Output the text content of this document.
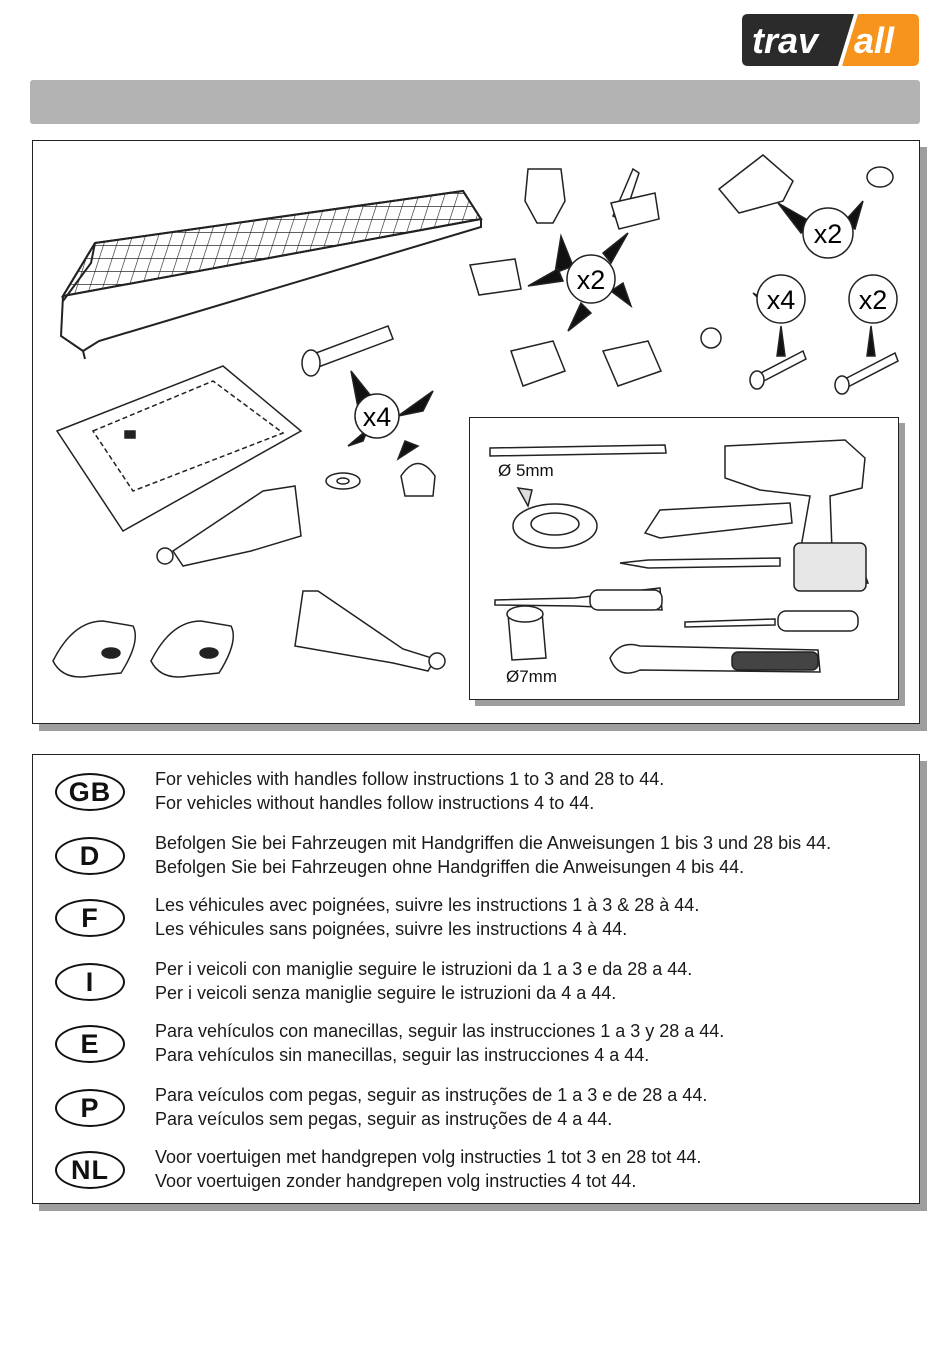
trav all
x2
x2
x4 x2
x4
Ø 5mm
Ø7mm
GB	For vehicles with handles follow instructions 1 to 3 and 28 to 44.
For vehicles without handles follow instructions 4 to 44.
D	Befolgen Sie bei Fahrzeugen mit Handgriffen die Anweisungen 1 bis 3 und 28 bis 44.
Befolgen Sie bei Fahrzeugen ohne Handgriffen die Anweisungen 4 bis 44.
F	Les véhicules avec poignées, suivre les instructions 1 à 3 & 28 à 44.
Les véhicules sans poignées, suivre les instructions 4 à 44.
I	Per i veicoli con maniglie seguire le istruzioni da 1 a 3 e da 28 a 44.
Per i veicoli senza maniglie seguire le istruzioni da 4 a 44.
E	Para vehículos con manecillas, seguir las instrucciones 1 a 3 y 28 a 44.
Para vehículos sin manecillas, seguir las instrucciones 4 a 44.
P	Para veículos com pegas, seguir as instruções de 1 a 3 e de 28 a 44.
Para veículos sem pegas, seguir as instruções de 4 a 44.
NL	Voor voertuigen met handgrepen volg instructies 1 tot 3 en 28 tot 44.
Voor voertuigen zonder handgrepen volg instructies 4 tot 44.
